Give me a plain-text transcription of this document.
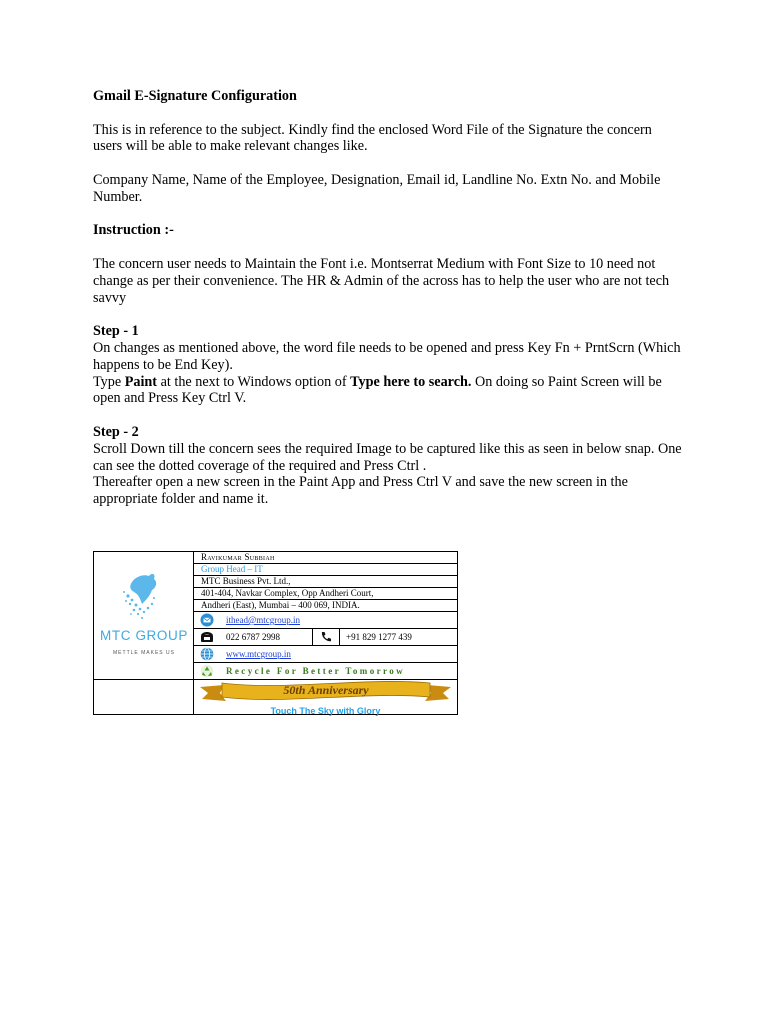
Gmail E-Signature Configuration

This is in reference to the subject. Kindly find the enclosed Word File of the Signature the concern users will be able to make relevant changes like.

Company Name, Name of the Employee, Designation, Email id, Landline No. Extn No. and Mobile Number.

Instruction :-

The concern user needs to Maintain the Font i.e. Montserrat Medium with Font Size to 10 need not change as per their convenience. The HR & Admin of the across has to help the user who are not tech savvy

Step - 1

On changes as mentioned above, the word file needs to be opened and press Key Fn + PrntScrn (Which happens to be End Key).

Type Paint at the next to Windows option of Type here to search. On doing so Paint Screen will be open and Press Key Ctrl V.

Step - 2

Scroll Down till the concern sees the required Image to be captured like this as seen in below snap. One can see the dotted coverage of the required and Press Ctrl .

Thereafter open a new screen in the Paint App and Press Ctrl V and save the new screen in the appropriate folder and name it.

MTC GROUP
METTLE MAKES US
Ravikumar Subbiah
Group Head – IT
MTC Business Pvt. Ltd.,
401-404, Navkar Complex, Opp Andheri Court,
Andheri (East), Mumbai – 400 069, INDIA.
ithead@mtcgroup.in
022 6787 2998	+91 829 1277 439
www.mtcgroup.in
Recycle For Better Tomorrow
50th Anniversary
Touch The Sky with Glory
